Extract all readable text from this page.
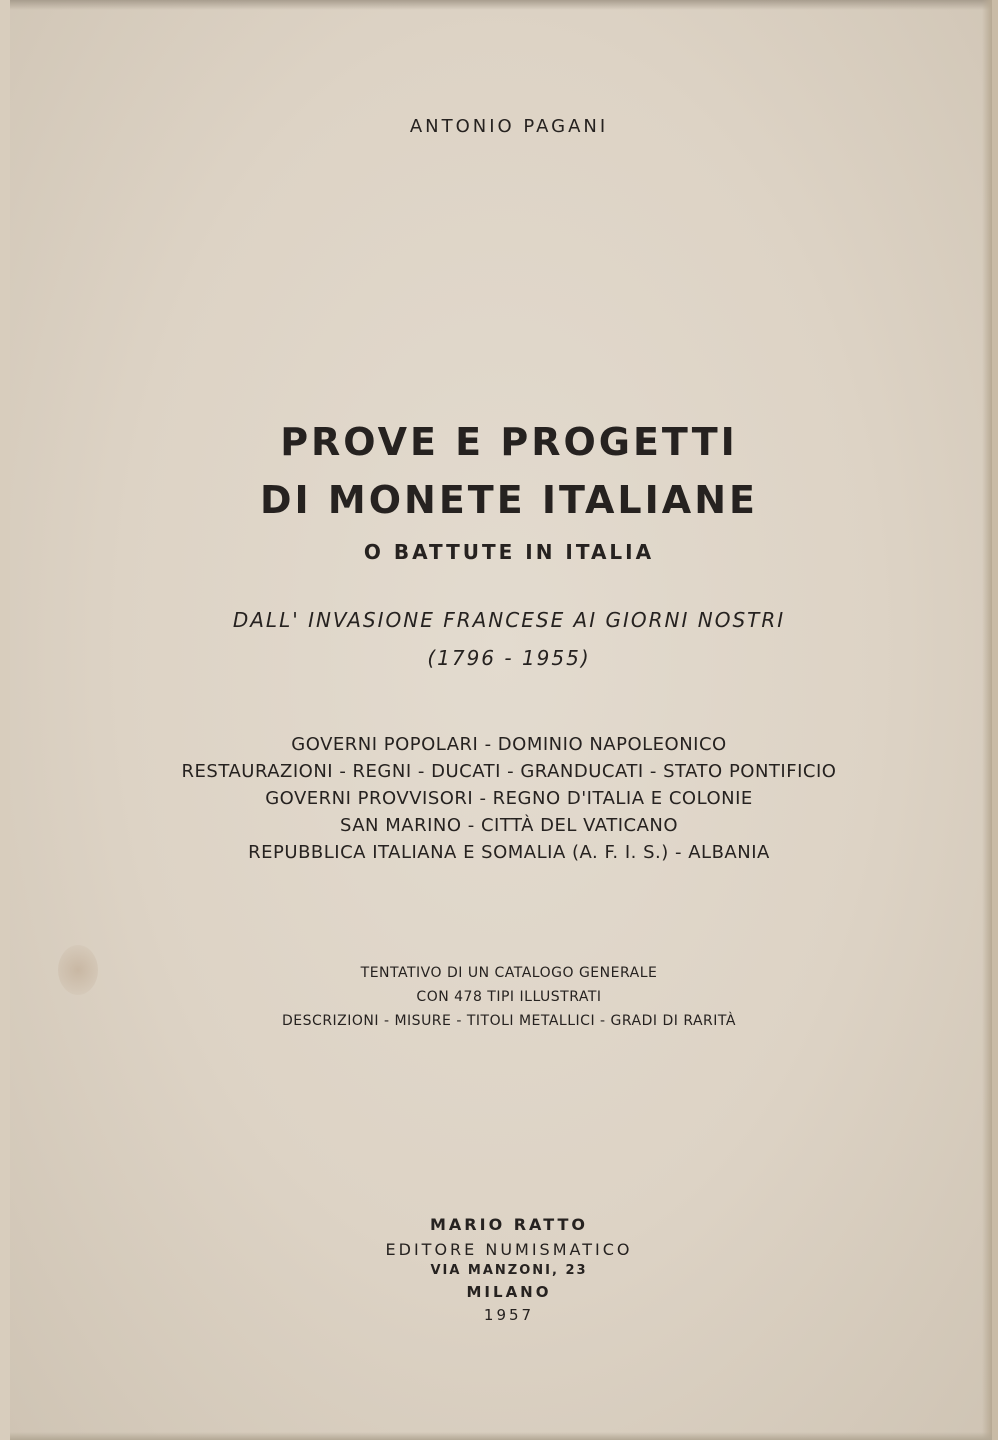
ANTONIO PAGANI

PROVE E PROGETTI

DI MONETE ITALIANE

O BATTUTE IN ITALIA

DALL' INVASIONE FRANCESE AI GIORNI NOSTRI

(1796 - 1955)

GOVERNI POPOLARI - DOMINIO NAPOLEONICO

RESTAURAZIONI - REGNI - DUCATI - GRANDUCATI - STATO PONTIFICIO

GOVERNI PROVVISORI - REGNO D'ITALIA E COLONIE

SAN MARINO - CITTÀ DEL VATICANO

REPUBBLICA ITALIANA E SOMALIA (A. F. I. S.) - ALBANIA

TENTATIVO DI UN CATALOGO GENERALE

CON 478 TIPI ILLUSTRATI

DESCRIZIONI - MISURE - TITOLI METALLICI - GRADI DI RARITÀ

MARIO RATTO

EDITORE NUMISMATICO

VIA MANZONI, 23

MILANO

1957
